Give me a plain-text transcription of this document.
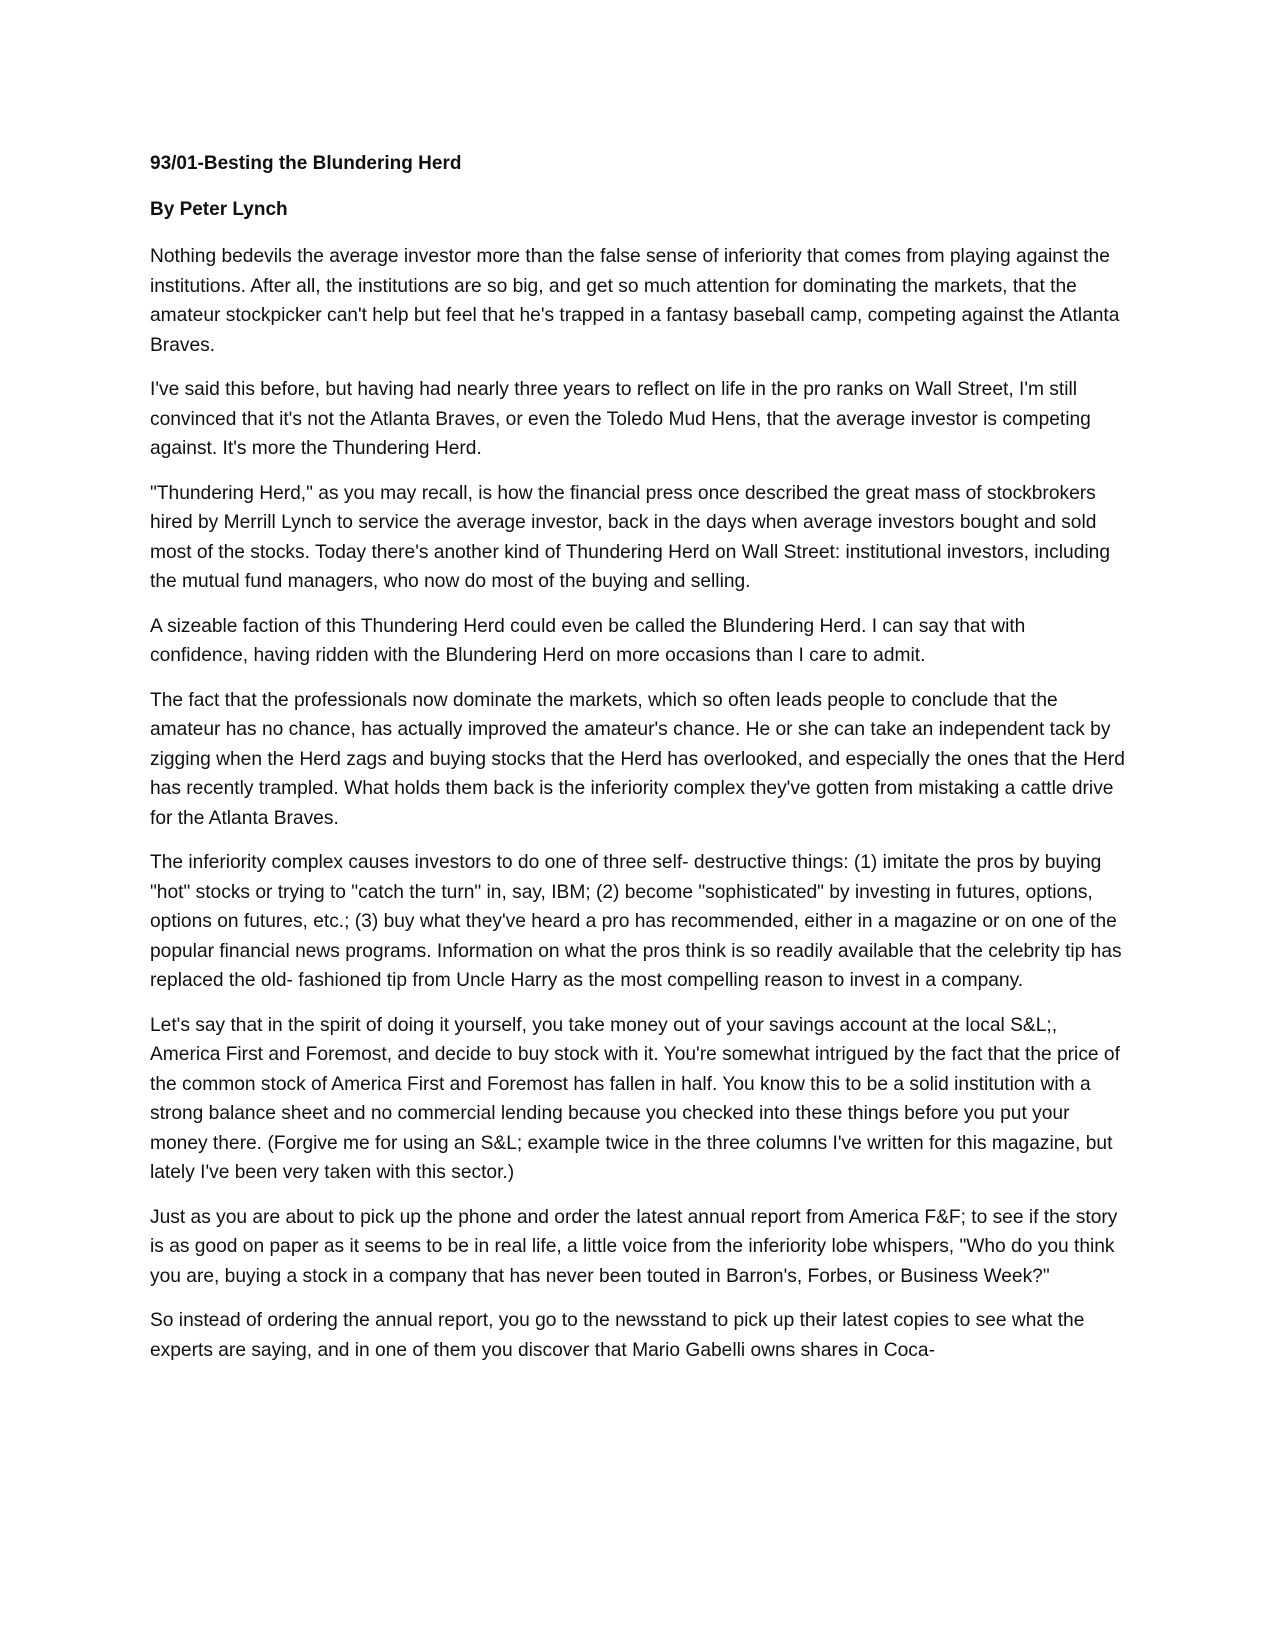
93/01-Besting the Blundering Herd
By Peter Lynch

Nothing bedevils the average investor more than the false sense of inferiority that comes from playing against the institutions. After all, the institutions are so big, and get so much attention for dominating the markets, that the amateur stockpicker can't help but feel that he's trapped in a fantasy baseball camp, competing against the Atlanta Braves.

I've said this before, but having had nearly three years to reflect on life in the pro ranks on Wall Street, I'm still convinced that it's not the Atlanta Braves, or even the Toledo Mud Hens, that the average investor is competing against. It's more the Thundering Herd.

"Thundering Herd," as you may recall, is how the financial press once described the great mass of stockbrokers hired by Merrill Lynch to service the average investor, back in the days when average investors bought and sold most of the stocks. Today there's another kind of Thundering Herd on Wall Street: institutional investors, including the mutual fund managers, who now do most of the buying and selling.

A sizeable faction of this Thundering Herd could even be called the Blundering Herd. I can say that with confidence, having ridden with the Blundering Herd on more occasions than I care to admit.

The fact that the professionals now dominate the markets, which so often leads people to conclude that the amateur has no chance, has actually improved the amateur's chance. He or she can take an independent tack by zigging when the Herd zags and buying stocks that the Herd has overlooked, and especially the ones that the Herd has recently trampled. What holds them back is the inferiority complex they've gotten from mistaking a cattle drive for the Atlanta Braves.

The inferiority complex causes investors to do one of three self- destructive things: (1) imitate the pros by buying "hot" stocks or trying to "catch the turn" in, say, IBM; (2) become "sophisticated" by investing in futures, options, options on futures, etc.; (3) buy what they've heard a pro has recommended, either in a magazine or on one of the popular financial news programs. Information on what the pros think is so readily available that the celebrity tip has replaced the old- fashioned tip from Uncle Harry as the most compelling reason to invest in a company.

Let's say that in the spirit of doing it yourself, you take money out of your savings account at the local S&L;, America First and Foremost, and decide to buy stock with it. You're somewhat intrigued by the fact that the price of the common stock of America First and Foremost has fallen in half. You know this to be a solid institution with a strong balance sheet and no commercial lending because you checked into these things before you put your money there. (Forgive me for using an S&L; example twice in the three columns I've written for this magazine, but lately I've been very taken with this sector.)

Just as you are about to pick up the phone and order the latest annual report from America F&F; to see if the story is as good on paper as it seems to be in real life, a little voice from the inferiority lobe whispers, "Who do you think you are, buying a stock in a company that has never been touted in Barron's, Forbes, or Business Week?"

So instead of ordering the annual report, you go to the newsstand to pick up their latest copies to see what the experts are saying, and in one of them you discover that Mario Gabelli owns shares in Coca-
